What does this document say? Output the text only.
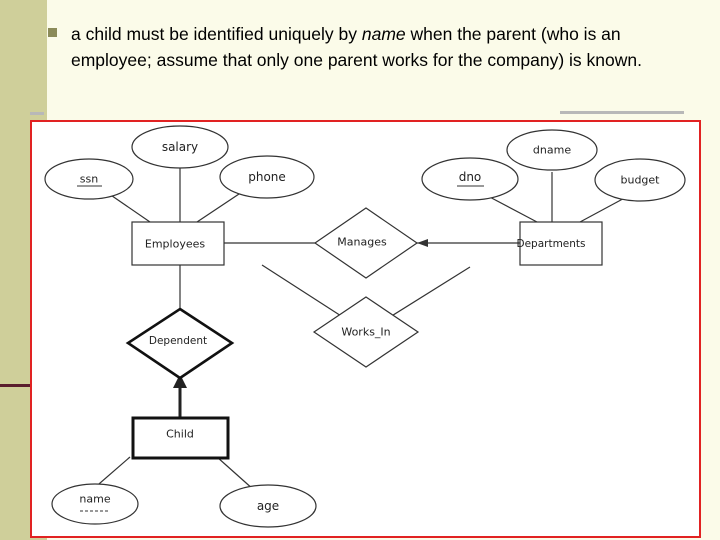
a child must be identified uniquely by name when the parent (who is an employee; assume that only one parent works for the company) is known.
salary
ssn	phone
dname
dno	budget
name	age
Employees	Departments
Child
Manages
Works_In
Dependent
